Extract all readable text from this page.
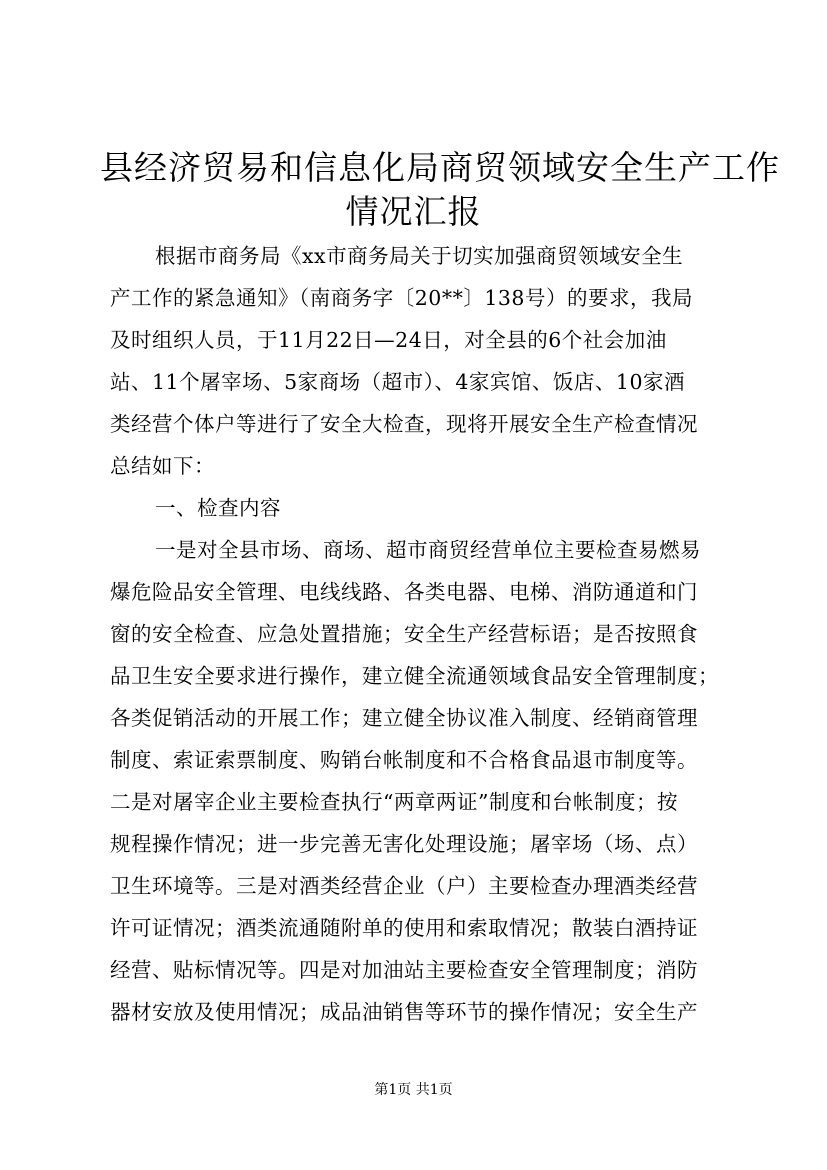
县经济贸易和信息化局商贸领域安全生产工作
情况汇报
根据市商务局《xx市商务局关于切实加强商贸领域安全生
产工作的紧急通知》（南商务字〔20**〕138号）的要求，我局
及时组织人员，于11月22日—24日，对全县的6个社会加油
站、11个屠宰场、5家商场（超市）、4家宾馆、饭店、10家酒
类经营个体户等进行了安全大检查，现将开展安全生产检查情况
总结如下：
一、检查内容
一是对全县市场、商场、超市商贸经营单位主要检查易燃易
爆危险品安全管理、电线线路、各类电器、电梯、消防通道和门
窗的安全检查、应急处置措施；安全生产经营标语；是否按照食
品卫生安全要求进行操作，建立健全流通领域食品安全管理制度；
各类促销活动的开展工作；建立健全协议准入制度、经销商管理
制度、索证索票制度、购销台帐制度和不合格食品退市制度等。
二是对屠宰企业主要检查执行“两章两证”制度和台帐制度；按
规程操作情况；进一步完善无害化处理设施；屠宰场（场、点）
卫生环境等。三是对酒类经营企业（户）主要检查办理酒类经营
许可证情况；酒类流通随附单的使用和索取情况；散装白酒持证
经营、贴标情况等。四是对加油站主要检查安全管理制度；消防
器材安放及使用情况；成品油销售等环节的操作情况；安全生产
第1页 共1页
